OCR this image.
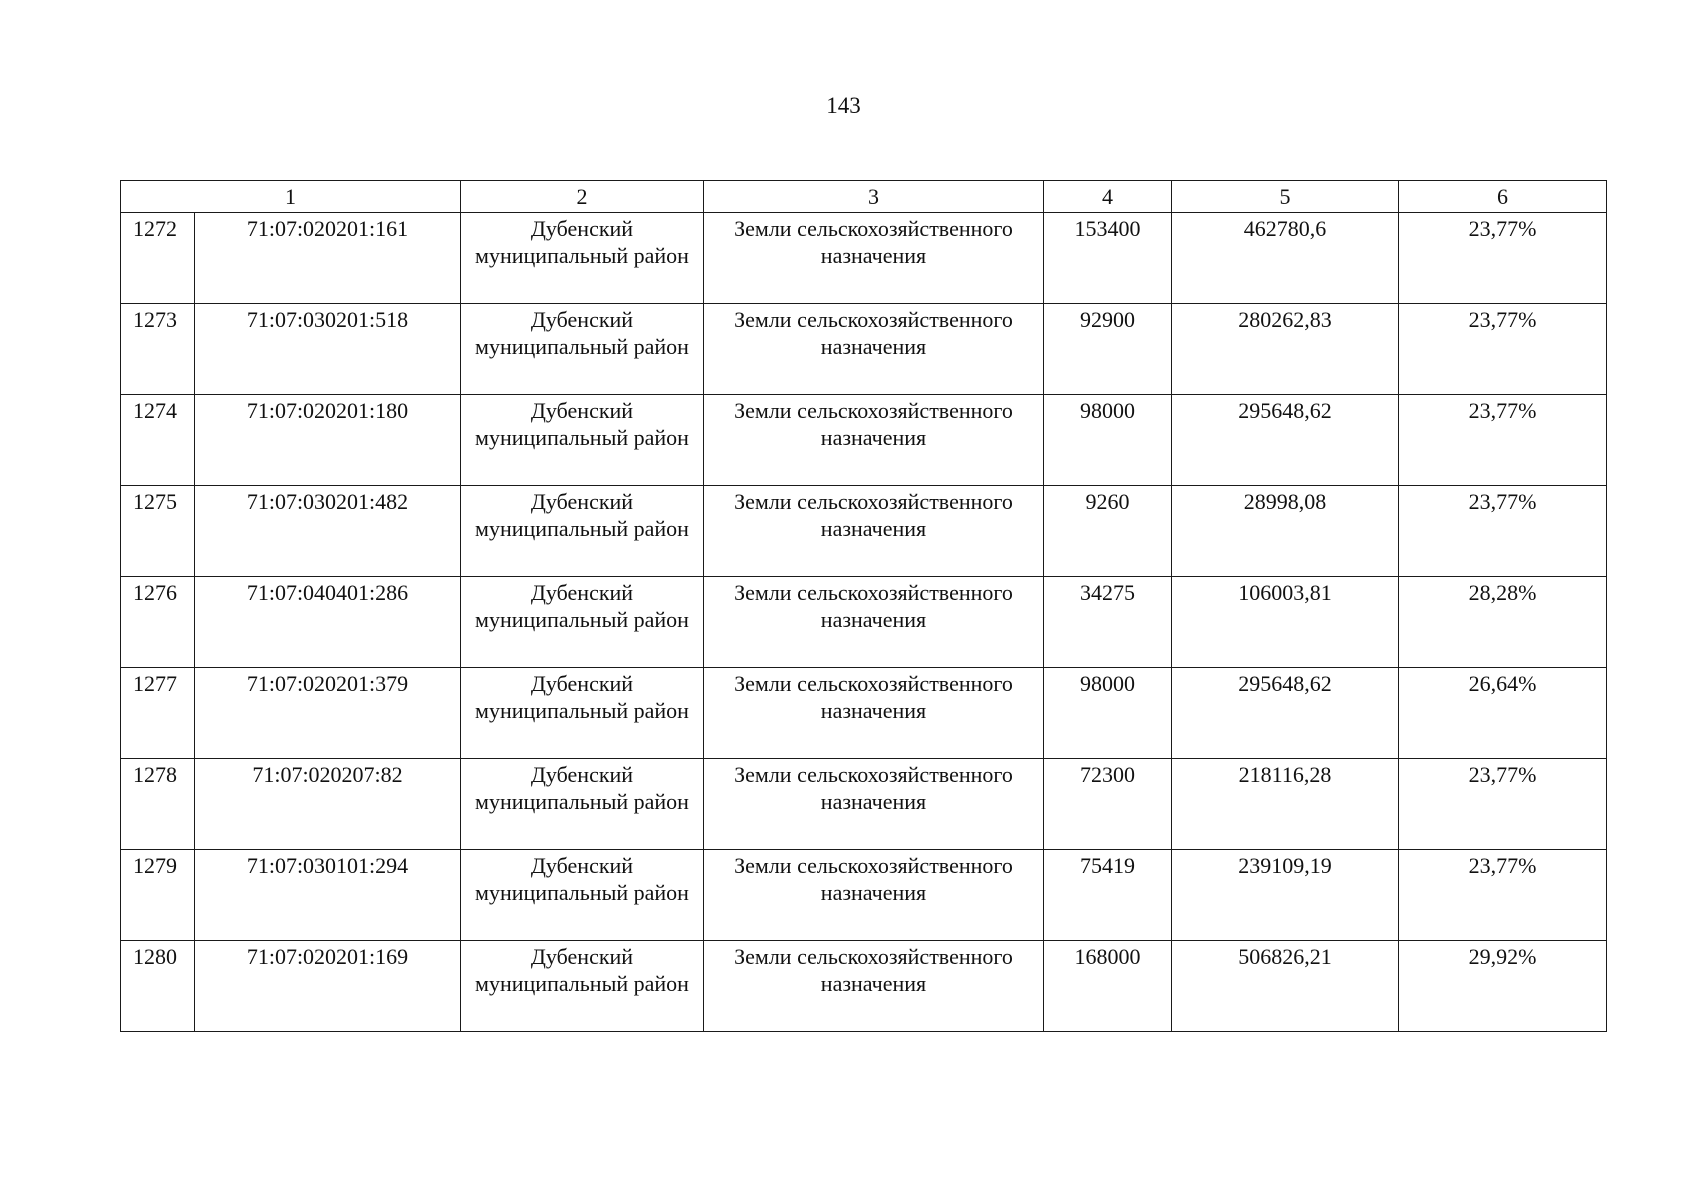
143
1		2	3	4	5	6
1272	71:07:020201:161	Дубенский муниципальный район	Земли сельскохозяйственного назначения	153400	462780,6	23,77%
1273	71:07:030201:518	Дубенский муниципальный район	Земли сельскохозяйственного назначения	92900	280262,83	23,77%
1274	71:07:020201:180	Дубенский муниципальный район	Земли сельскохозяйственного назначения	98000	295648,62	23,77%
1275	71:07:030201:482	Дубенский муниципальный район	Земли сельскохозяйственного назначения	9260	28998,08	23,77%
1276	71:07:040401:286	Дубенский муниципальный район	Земли сельскохозяйственного назначения	34275	106003,81	28,28%
1277	71:07:020201:379	Дубенский муниципальный район	Земли сельскохозяйственного назначения	98000	295648,62	26,64%
1278	71:07:020207:82	Дубенский муниципальный район	Земли сельскохозяйственного назначения	72300	218116,28	23,77%
1279	71:07:030101:294	Дубенский муниципальный район	Земли сельскохозяйственного назначения	75419	239109,19	23,77%
1280	71:07:020201:169	Дубенский муниципальный район	Земли сельскохозяйственного назначения	168000	506826,21	29,92%
